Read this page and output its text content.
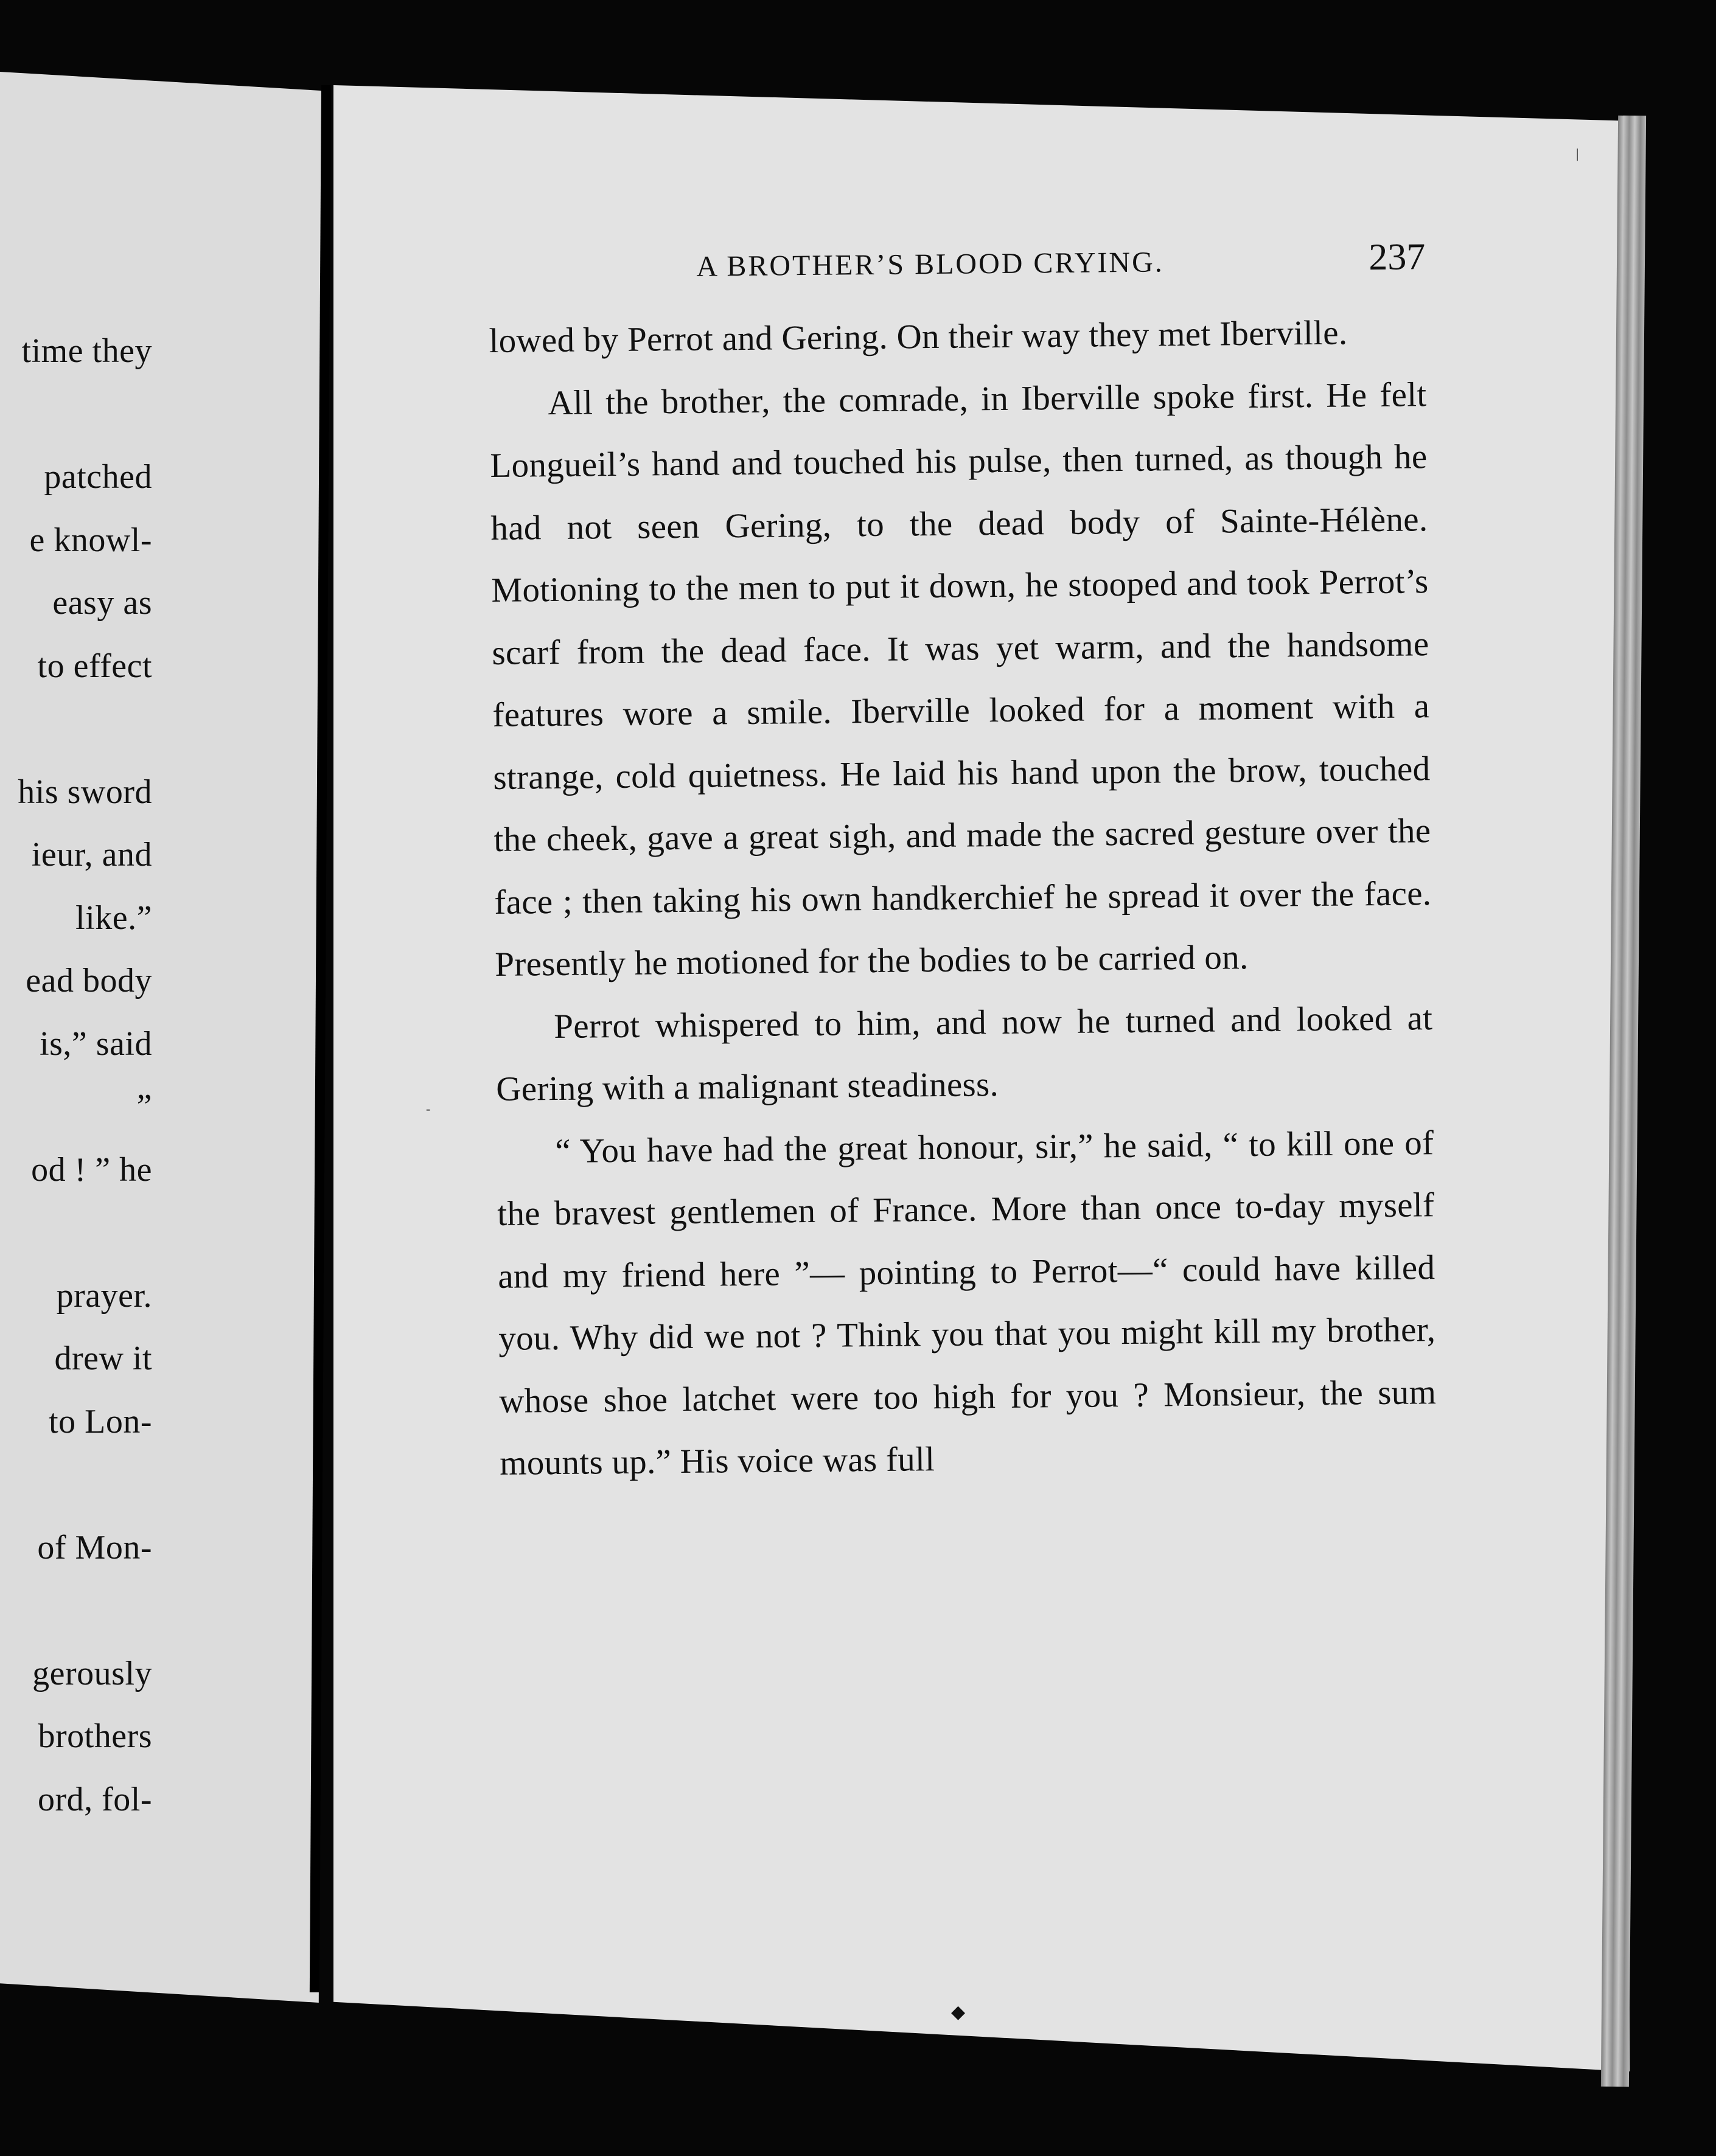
time they
patched
e knowl-
easy as
to effect
his sword
ieur, and
like.”
ead body
is,” said
”
od ! ” he
prayer.
drew it
to Lon-
of Mon-
gerously
brothers
ord, fol-
A BROTHER’S BLOOD CRYING.	237

lowed by Perrot and Gering. On their way they met Iberville.

All the brother, the comrade, in Iberville spoke first. He felt Longueil’s hand and touched his pulse, then turned, as though he had not seen Gering, to the dead body of Sainte-Hélène. Motioning to the men to put it down, he stooped and took Perrot’s scarf from the dead face. It was yet warm, and the handsome features wore a smile. Iberville looked for a moment with a strange, cold quietness. He laid his hand upon the brow, touched the cheek, gave a great sigh, and made the sacred gesture over the face ; then taking his own handkerchief he spread it over the face. Presently he motioned for the bodies to be carried on.

Perrot whispered to him, and now he turned and looked at Gering with a malignant steadiness.

“ You have had the great honour, sir,” he said, “ to kill one of the bravest gentlemen of France. More than once to-day myself and my friend here ”— pointing to Perrot—“ could have killed you. Why did we not ? Think you that you might kill my brother, whose shoe latchet were too high for you ? Monsieur, the sum mounts up.” His voice was full

◆
-
|
